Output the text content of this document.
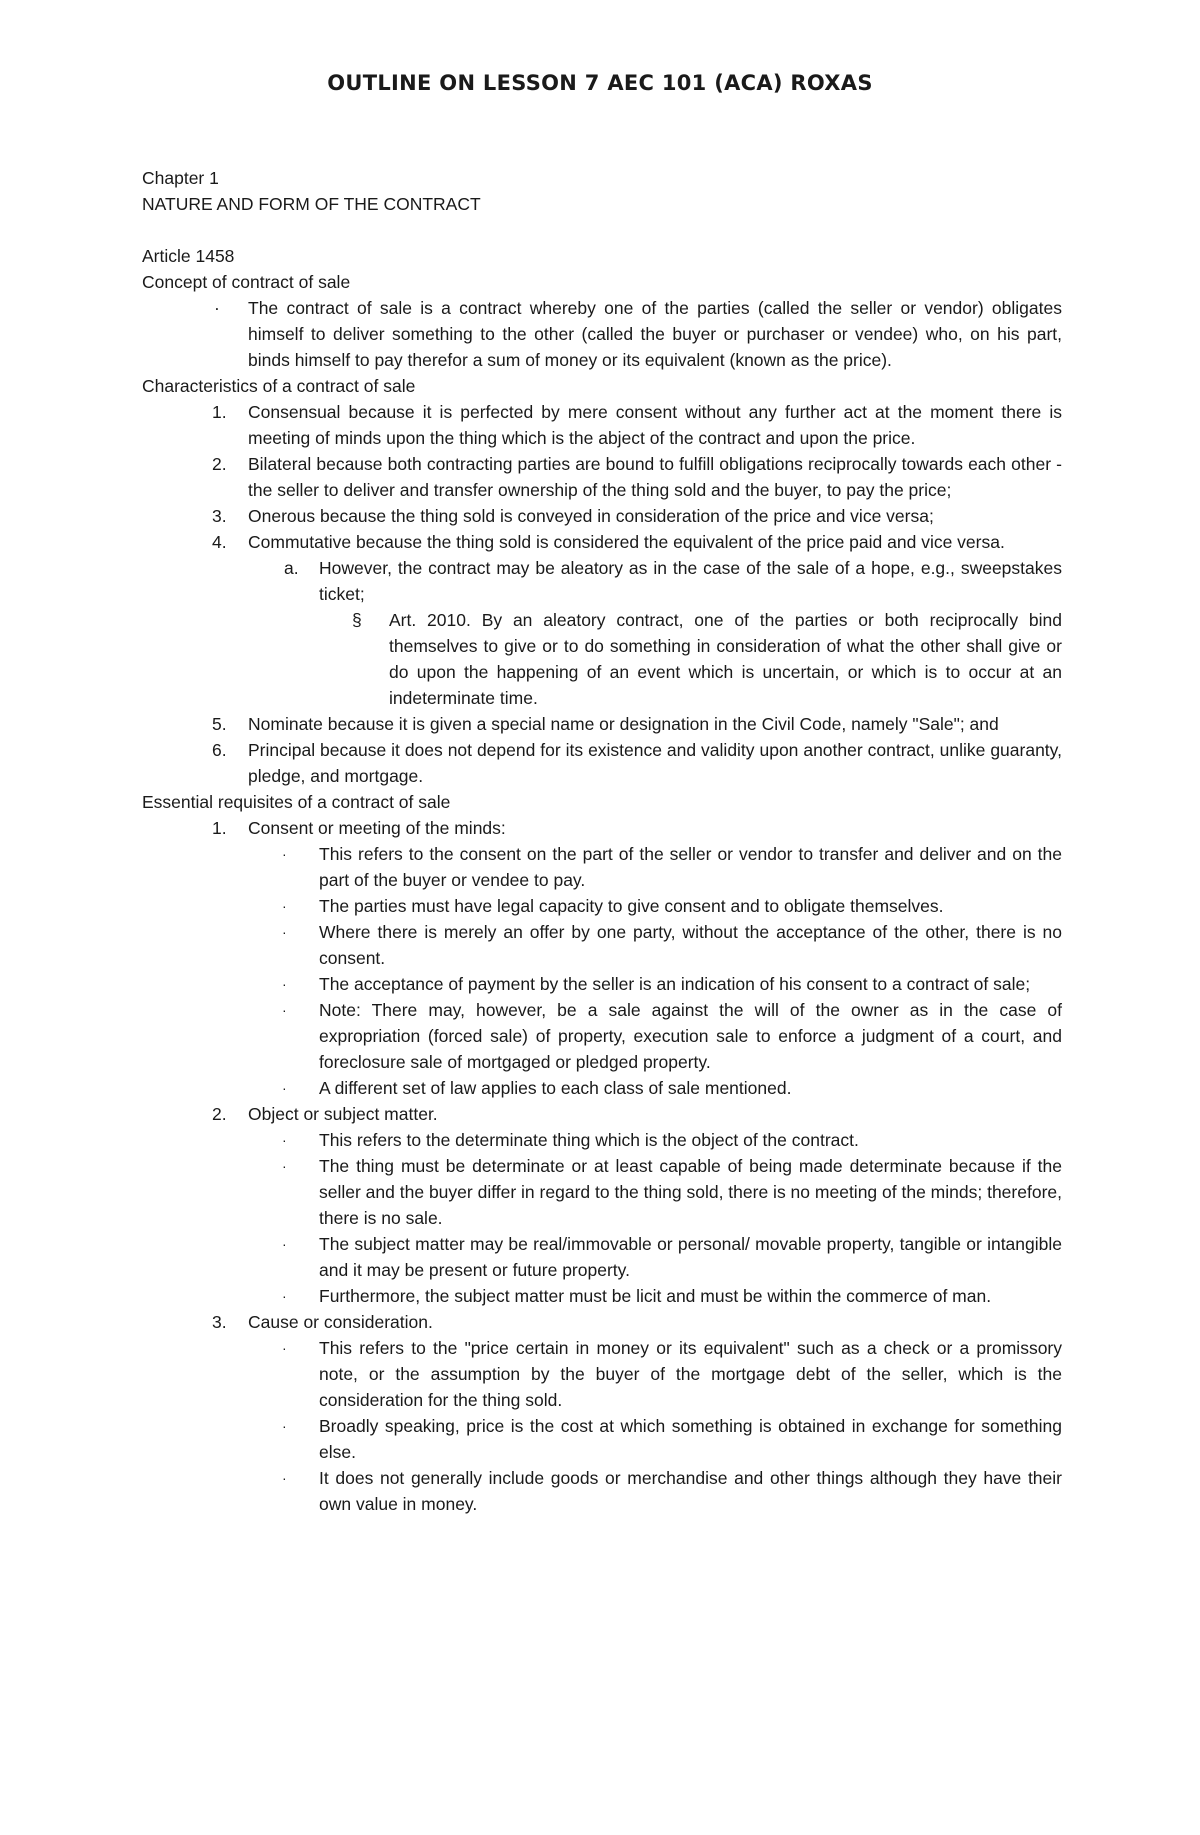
OUTLINE ON LESSON 7 AEC 101 (ACA) ROXAS

Chapter 1

NATURE AND FORM OF THE CONTRACT

Article 1458

Concept of contract of sale

· The contract of sale is a contract whereby one of the parties (called the seller or vendor) obligates himself to deliver something to the other (called the buyer or purchaser or vendee) who, on his part, binds himself to pay therefor a sum of money or its equivalent (known as the price).

Characteristics of a contract of sale

1. Consensual because it is perfected by mere consent without any further act at the moment there is meeting of minds upon the thing which is the abject of the contract and upon the price.

2. Bilateral because both contracting parties are bound to fulfill obligations reciprocally towards each other - the seller to deliver and transfer ownership of the thing sold and the buyer, to pay the price;

3. Onerous because the thing sold is conveyed in consideration of the price and vice versa;

4. Commutative because the thing sold is considered the equivalent of the price paid and vice versa.

a. However, the contract may be aleatory as in the case of the sale of a hope, e.g., sweepstakes ticket;

§ Art. 2010. By an aleatory contract, one of the parties or both reciprocally bind themselves to give or to do something in consideration of what the other shall give or do upon the happening of an event which is uncertain, or which is to occur at an indeterminate time.

5. Nominate because it is given a special name or designation in the Civil Code, namely "Sale"; and

6. Principal because it does not depend for its existence and validity upon another contract, unlike guaranty, pledge, and mortgage.

Essential requisites of a contract of sale

1. Consent or meeting of the minds:

· This refers to the consent on the part of the seller or vendor to transfer and deliver and on the part of the buyer or vendee to pay.

· The parties must have legal capacity to give consent and to obligate themselves.

· Where there is merely an offer by one party, without the acceptance of the other, there is no consent.

· The acceptance of payment by the seller is an indication of his consent to a contract of sale;

· Note: There may, however, be a sale against the will of the owner as in the case of expropriation (forced sale) of property, execution sale to enforce a judgment of a court, and foreclosure sale of mortgaged or pledged property.

· A different set of law applies to each class of sale mentioned.

2. Object or subject matter.

· This refers to the determinate thing which is the object of the contract.

· The thing must be determinate or at least capable of being made determinate because if the seller and the buyer differ in regard to the thing sold, there is no meeting of the minds; therefore, there is no sale.

· The subject matter may be real/immovable or personal/ movable property, tangible or intangible and it may be present or future property.

· Furthermore, the subject matter must be licit and must be within the commerce of man.

3. Cause or consideration.

· This refers to the "price certain in money or its equivalent" such as a check or a promissory note, or the assumption by the buyer of the mortgage debt of the seller, which is the consideration for the thing sold.

· Broadly speaking, price is the cost at which something is obtained in exchange for something else.

· It does not generally include goods or merchandise and other things although they have their own value in money.
